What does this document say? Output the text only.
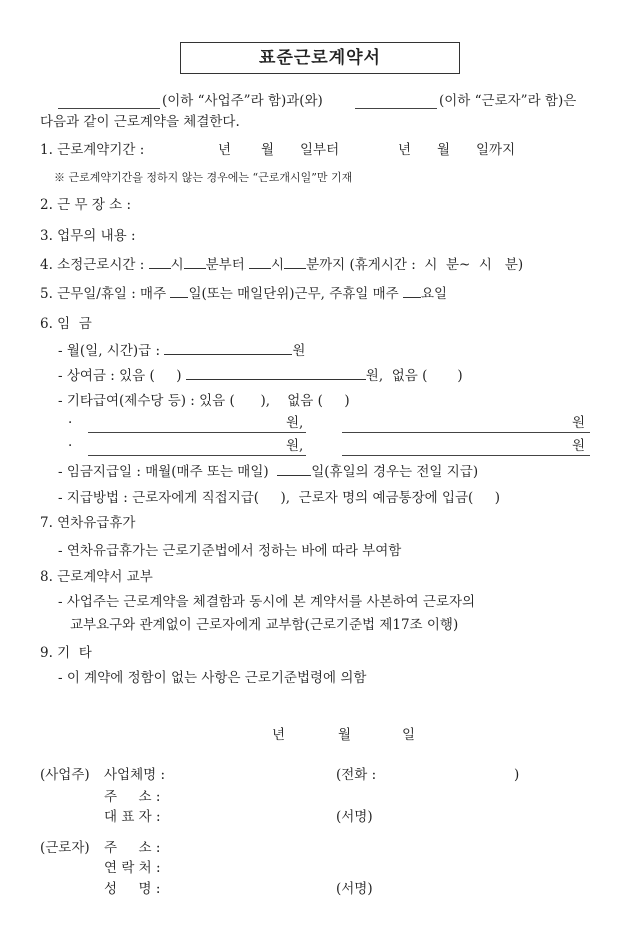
표준근로계약서
(이하 “사업주”라 함)과(와)	(이하 “근로자”라 함)은
다음과 같이 근로계약을 체결한다.
1. 근로계약기간 :	년 월 일부터	년 월 일까지
※ 근로계약기간을 정하지 않는 경우에는 “근로개시일”만 기재
2. 근 무 장 소 :
3. 업무의 내용 :
4. 소정근로시간 : 시 분부터 시 분까지 (휴게시간 :  시  분~  시   분)
5. 근무일/휴일 : 매주 일(또는 매일단위)근무, 주휴일 매주 요일
6. 임  금
- 월(일, 시간)급 :	원
- 상여금 : 있음 (     )	원,  없음 (       )
- 기타급여(제수당 등) : 있음 (      ),    없음 (     )
·	원,	원
·	원,	원
- 임금지급일 : 매월(매주 또는 매일)	일(휴일의 경우는 전일 지급)
- 지급방법 : 근로자에게 직접지급(     ),  근로자 명의 예금통장에 입금(     )
7. 연차유급휴가
- 연차유급휴가는 근로기준법에서 정하는 바에 따라 부여함
8. 근로계약서 교부
- 사업주는 근로계약을 체결함과 동시에 본 계약서를 사본하여 근로자의
교부요구와 관계없이 근로자에게 교부함(근로기준법 제17조 이행)
9. 기  타
- 이 계약에 정함이 없는 사항은 근로기준법령에 의함
년	월	일
(사업주) 사업체명 :	(전화 :	)
주     소 :
대 표 자 :	(서명)
(근로자) 주     소 :
연 락 처 :
성     명 :	(서명)
